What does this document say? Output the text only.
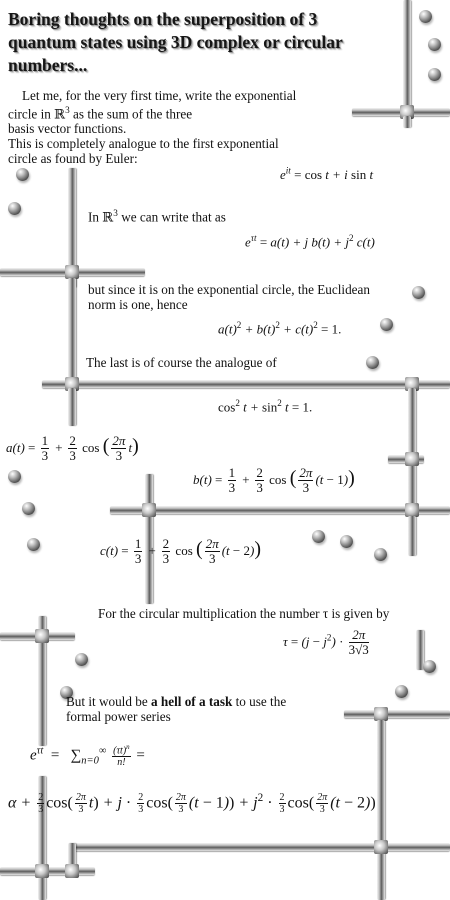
Boring thoughts on the superposition of 3 quantum states using 3D complex or circular numbers...
Let me, for the very first time, write the exponential
circle in ℝ$^3$ as the sum of the three
basis vector functions.
This is completely analogue to the first exponential
circle as found by Euler:
$e^{it} = \cos t + i$ sin t
In ℝ$^3$ we can write that as
$e^{\tau t} = a(t) + j$ $b(t) + j^2$ c(t)
but since it is on the exponential circle, the Euclidean
norm is one, hence
$a(t)^2 + b(t)^2 + c(t)^2 = 1$.
The last is of course the analogue of
$\cos^2 t + \sin^2 t = 1$.
$a(t) = \frac{1}{3} + \frac{2}{3}$ cos ( $\frac{2\pi}{3} t$)
$b(t) = \frac{1}{3} + \frac{2}{3}$ cos ( $\frac{2\pi}{3} (t - 1)$)
$c(t) = \frac{1}{3} + \frac{2}{3}$ cos ( $\frac{2\pi}{3} (t - 2)$)
For the circular multiplication the number τ is given by
$\tau = (j - j^2) \cdot \frac{2\pi}{3√3}$
But it would be a hell of a task to use the
formal power series
$e^{\tau t} = \sum_{n=0}^\infty \frac{(\tau t)^n}{n!}$ =
$\alpha + \frac{2}{3} \cos( \frac{2\pi}{3} t) + j \cdot \frac{2}{3} \cos( \frac{2\pi}{3} (t - 1)) + j^2 \cdot \frac{2}{3} \cos( \frac{2\pi}{3} (t - 2))$
